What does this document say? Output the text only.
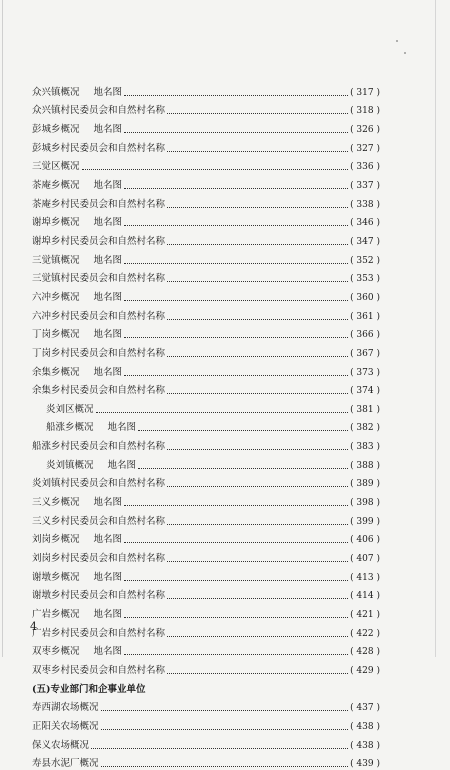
众兴镇概况 地名图	( 317 )
众兴镇村民委员会和自然村名称	( 318 )
彭城乡概况 地名图	( 326 )
彭城乡村民委员会和自然村名称	( 327 )
三觉区概况	( 336 )
茶庵乡概况 地名图	( 337 )
茶庵乡村民委员会和自然村名称	( 338 )
谢埠乡概况 地名图	( 346 )
谢埠乡村民委员会和自然村名称	( 347 )
三觉镇概况 地名图	( 352 )
三觉镇村民委员会和自然村名称	( 353 )
六冲乡概况 地名图	( 360 )
六冲乡村民委员会和自然村名称	( 361 )
丁岗乡概况 地名图	( 366 )
丁岗乡村民委员会和自然村名称	( 367 )
余集乡概况 地名图	( 373 )
余集乡村民委员会和自然村名称	( 374 )
炎刘区概况	( 381 )
船涨乡概况 地名图	( 382 )
船涨乡村民委员会和自然村名称	( 383 )
炎刘镇概况 地名图	( 388 )
炎刘镇村民委员会和自然村名称	( 389 )
三义乡概况 地名图	( 398 )
三义乡村民委员会和自然村名称	( 399 )
刘岗乡概况 地名图	( 406 )
刘岗乡村民委员会和自然村名称	( 407 )
谢墩乡概况 地名图	( 413 )
谢墩乡村民委员会和自然村名称	( 414 )
广岩乡概况 地名图	( 421 )
广岩乡村民委员会和自然村名称	( 422 )
双枣乡概况 地名图	( 428 )
双枣乡村民委员会和自然村名称	( 429 )
(五)专业部门和企事业单位
寿西湖农场概况	( 437 )
正阳关农场概况	( 438 )
保义农场概况	( 438 )
寿县水泥厂概况	( 439 )
4
